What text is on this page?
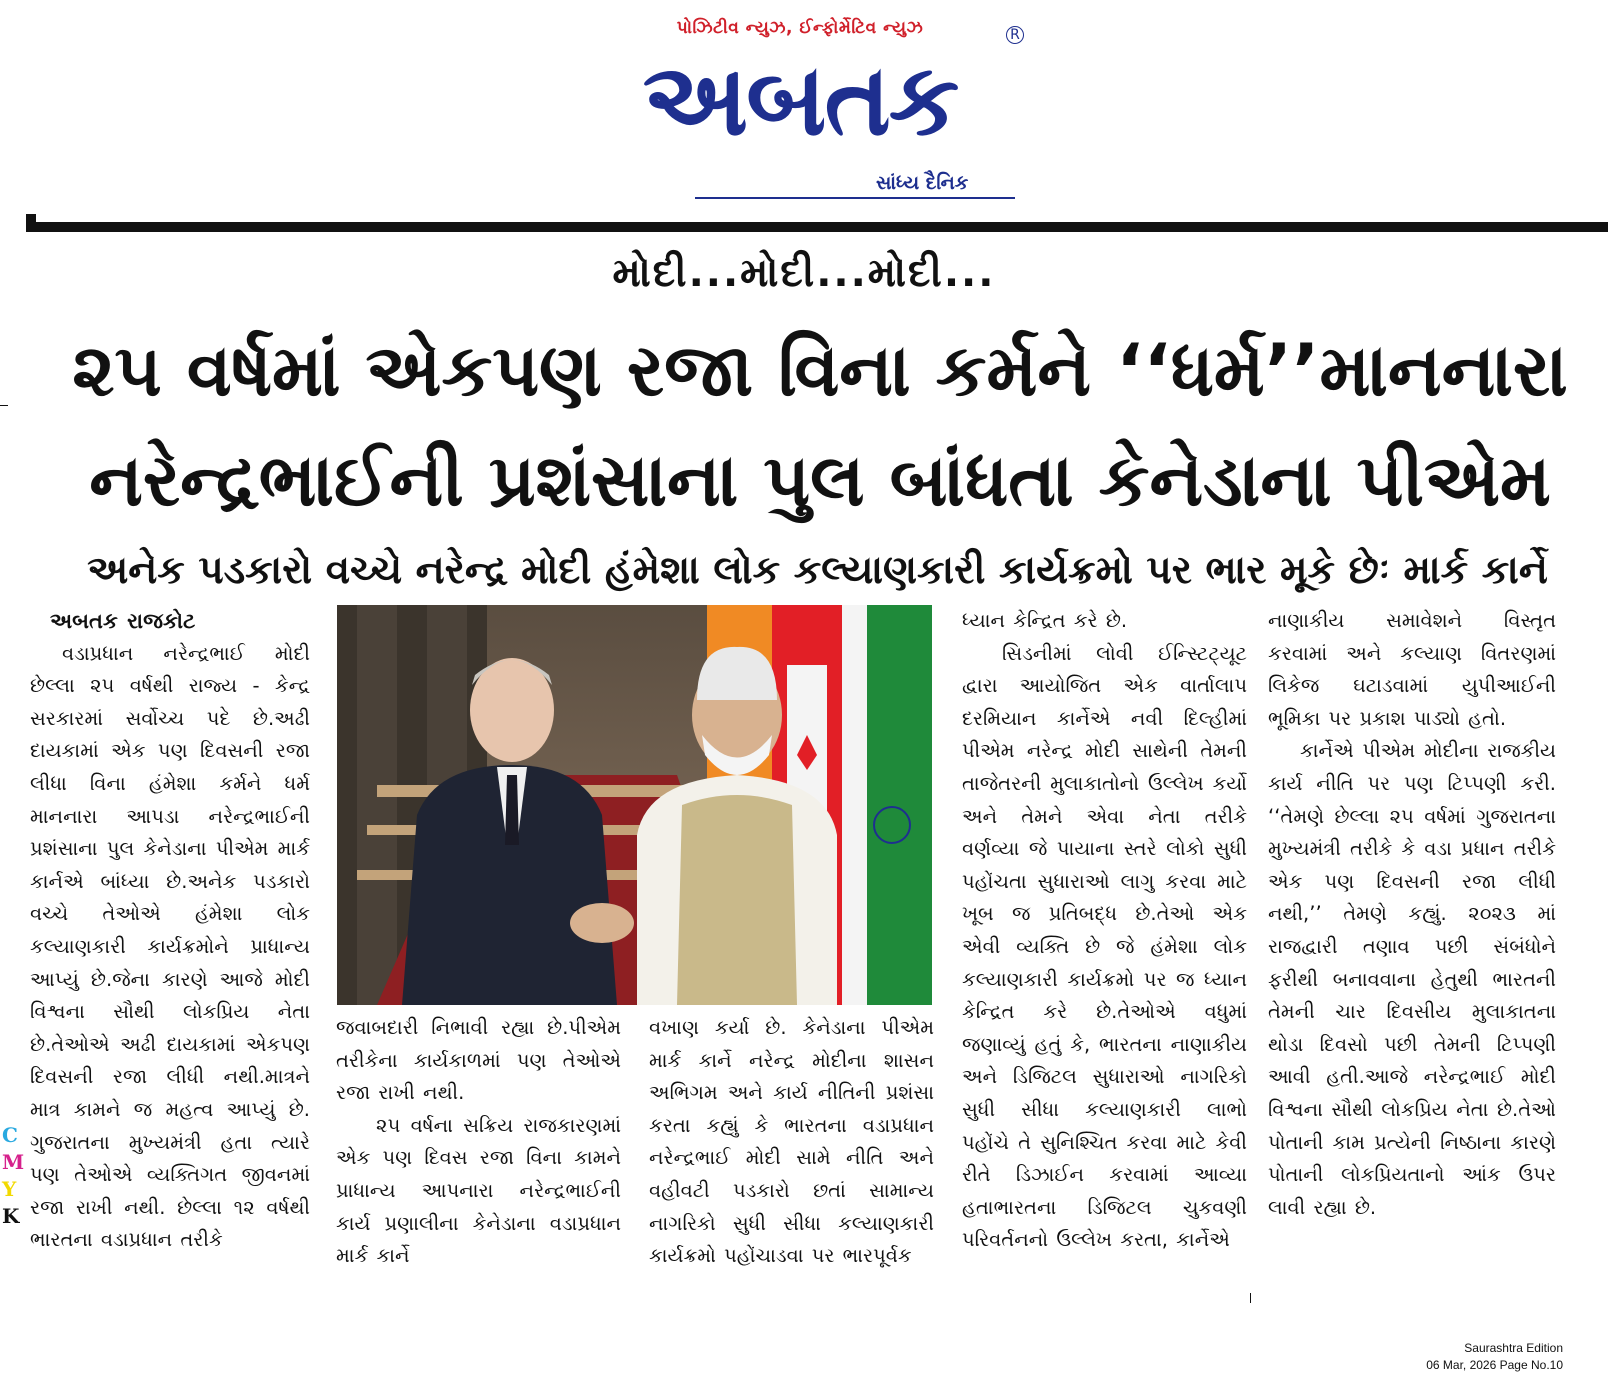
પોઝિટીવ ન્યુઝ, ઈન્ફોર્મેટિવ ન્યુઝ
અબતક
R
સાંધ્ય દૈનિક
મોદી...મોદી...મોદી...
૨૫ વર્ષમાં એકપણ રજા વિના કર્મને ‘‘ધર્મ’’માનનારા
નરેન્દ્રભાઈની પ્રશંસાના પુલ બાંધતા કેનેડાના પીએમ
અનેક પડકારો વચ્ચે નરેન્દ્ર મોદી હંમેશા લોક કલ્યાણકારી કાર્યક્રમો પર ભાર મૂકે છેઃ માર્ક કાર્ને

અબતક રાજકોટ

વડાપ્રધાન નરેન્દ્રભાઈ મોદી છેલ્લા ૨૫ વર્ષથી રાજ્ય - કેન્દ્ર સરકારમાં સર્વોચ્ચ પદે છે.અઢી દાયકામાં એક પણ દિવસની રજા લીધા વિના હંમેશા કર્મને ધર્મ માનનારા આપડા નરેન્દ્રભાઈની પ્રશંસાના પુલ કેનેડાના પીએમ માર્ક કાર્નએ બાંધ્યા છે.અનેક પડકારો વચ્ચે તેઓએ હંમેશા લોક કલ્યાણકારી કાર્યક્રમોને પ્રાધાન્ય આપ્યું છે.જેના કારણે આજે મોદી વિશ્વના સૌથી લોકપ્રિય નેતા છે.તેઓએ અઢી દાયકામાં એકપણ દિવસની રજા લીધી નથી.માત્રને માત્ર કામને જ મહત્વ આપ્યું છે. ગુજરાતના મુખ્યમંત્રી હતા ત્યારે પણ તેઓએ વ્યક્તિગત જીવનમાં રજા રાખી નથી. છેલ્લા ૧૨ વર્ષથી ભારતના વડાપ્રધાન તરીકે

જવાબદારી નિભાવી રહ્યા છે.પીએમ તરીકેના કાર્યકાળમાં પણ તેઓએ રજા રાખી નથી.

૨૫ વર્ષના સક્રિય રાજકારણમાં એક પણ દિવસ રજા વિના કામને પ્રાધાન્ય આપનારા નરેન્દ્રભાઈની કાર્ય પ્રણાલીના કેનેડાના વડાપ્રધાન માર્ક કાર્ને

વખાણ કર્યા છે. કેનેડાના પીએમ માર્ક કાર્ને નરેન્દ્ર મોદીના શાસન અભિગમ અને કાર્ય નીતિની પ્રશંસા કરતા કહ્યું કે ભારતના વડાપ્રધાન નરેન્દ્રભાઈ મોદી સામે નીતિ અને વહીવટી પડકારો છતાં સામાન્ય નાગરિકો સુધી સીધા કલ્યાણકારી કાર્યક્રમો પહોંચાડવા પર ભારપૂર્વક

ધ્યાન કેન્દ્રિત કરે છે.

સિડનીમાં લોવી ઈન્સ્ટિટ્યૂટ દ્વારા આયોજિત એક વાર્તાલાપ દરમિયાન કાર્નેએ નવી દિલ્હીમાં પીએમ નરેન્દ્ર મોદી સાથેની તેમની તાજેતરની મુલાકાતોનો ઉલ્લેખ કર્યો અને તેમને એવા નેતા તરીકે વર્ણવ્યા જે પાયાના સ્તરે લોકો સુધી પહોંચતા સુધારાઓ લાગુ કરવા માટે ખૂબ જ પ્રતિબદ્ધ છે.તેઓ એક એવી વ્યક્તિ છે જે હંમેશા લોક કલ્યાણકારી કાર્યક્રમો પર જ ધ્યાન કેન્દ્રિત કરે છે.તેઓએ વધુમાં જણાવ્યું હતું કે, ભારતના નાણાકીય અને ડિજિટલ સુધારાઓ નાગરિકો સુધી સીધા કલ્યાણકારી લાભો પહોંચે તે સુનિશ્ચિત કરવા માટે કેવી રીતે ડિઝાઈન કરવામાં આવ્યા હતાભારતના ડિજિટલ ચુકવણી પરિવર્તનનો ઉલ્લેખ કરતા, કાર્નેએ

નાણાકીય સમાવેશને વિસ્તૃત કરવામાં અને કલ્યાણ વિતરણમાં લિકેજ ઘટાડવામાં યુપીઆઈની ભૂમિકા પર પ્રકાશ પાડ્યો હતો.

કાર્નેએ પીએમ મોદીના રાજકીય કાર્ય નીતિ પર પણ ટિપ્પણી કરી. ‘‘તેમણે છેલ્લા ૨૫ વર્ષમાં ગુજરાતના મુખ્યમંત્રી તરીકે કે વડા પ્રધાન તરીકે એક પણ દિવસની રજા લીધી નથી,’’ તેમણે કહ્યું. ૨૦૨૩ માં રાજદ્વારી તણાવ પછી સંબંધોને ફરીથી બનાવવાના હેતુથી ભારતની તેમની ચાર દિવસીય મુલાકાતના થોડા દિવસો પછી તેમની ટિપ્પણી આવી હતી.આજે નરેન્દ્રભાઈ મોદી વિશ્વના સૌથી લોકપ્રિય નેતા છે.તેઓ પોતાની કામ પ્રત્યેની નિષ્ઠાના કારણે પોતાની લોકપ્રિયતાનો આંક ઉપર લાવી રહ્યા છે.

C
M
Y
K
Saurashtra Edition
06 Mar, 2026 Page No.10
